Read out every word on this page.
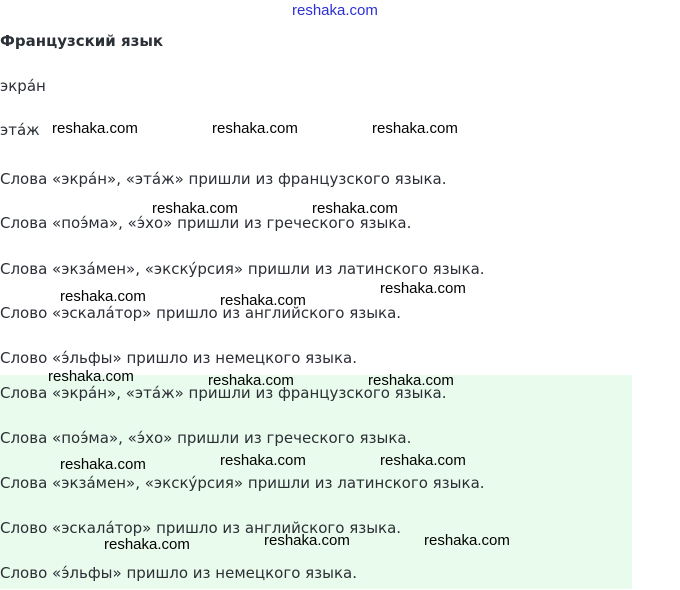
reshaka.com
Французский язык
экра́н
эта́ж
Слова «экра́н», «эта́ж» пришли из французского языка.
Слова «поэ́ма», «э́хо» пришли из греческого языка.
Слова «экза́мен», «экску́рсия» пришли из латинского языка.
Слово «эскала́тор» пришло из английского языка.
Слово «э́льфы» пришло из немецкого языка.
Слова «экра́н», «эта́ж» пришли из французского языка.
Слова «поэ́ма», «э́хо» пришли из греческого языка.
Слова «экза́мен», «экску́рсия» пришли из латинского языка.
Слово «эскала́тор» пришло из английского языка.
Слово «э́льфы» пришло из немецкого языка.
reshaka.com	reshaka.com	reshaka.com
reshaka.com	reshaka.com
reshaka.com	reshaka.com
reshaka.com
reshaka.com	reshaka.com	reshaka.com
reshaka.com	reshaka.com	reshaka.com
reshaka.com	reshaka.com	reshaka.com
